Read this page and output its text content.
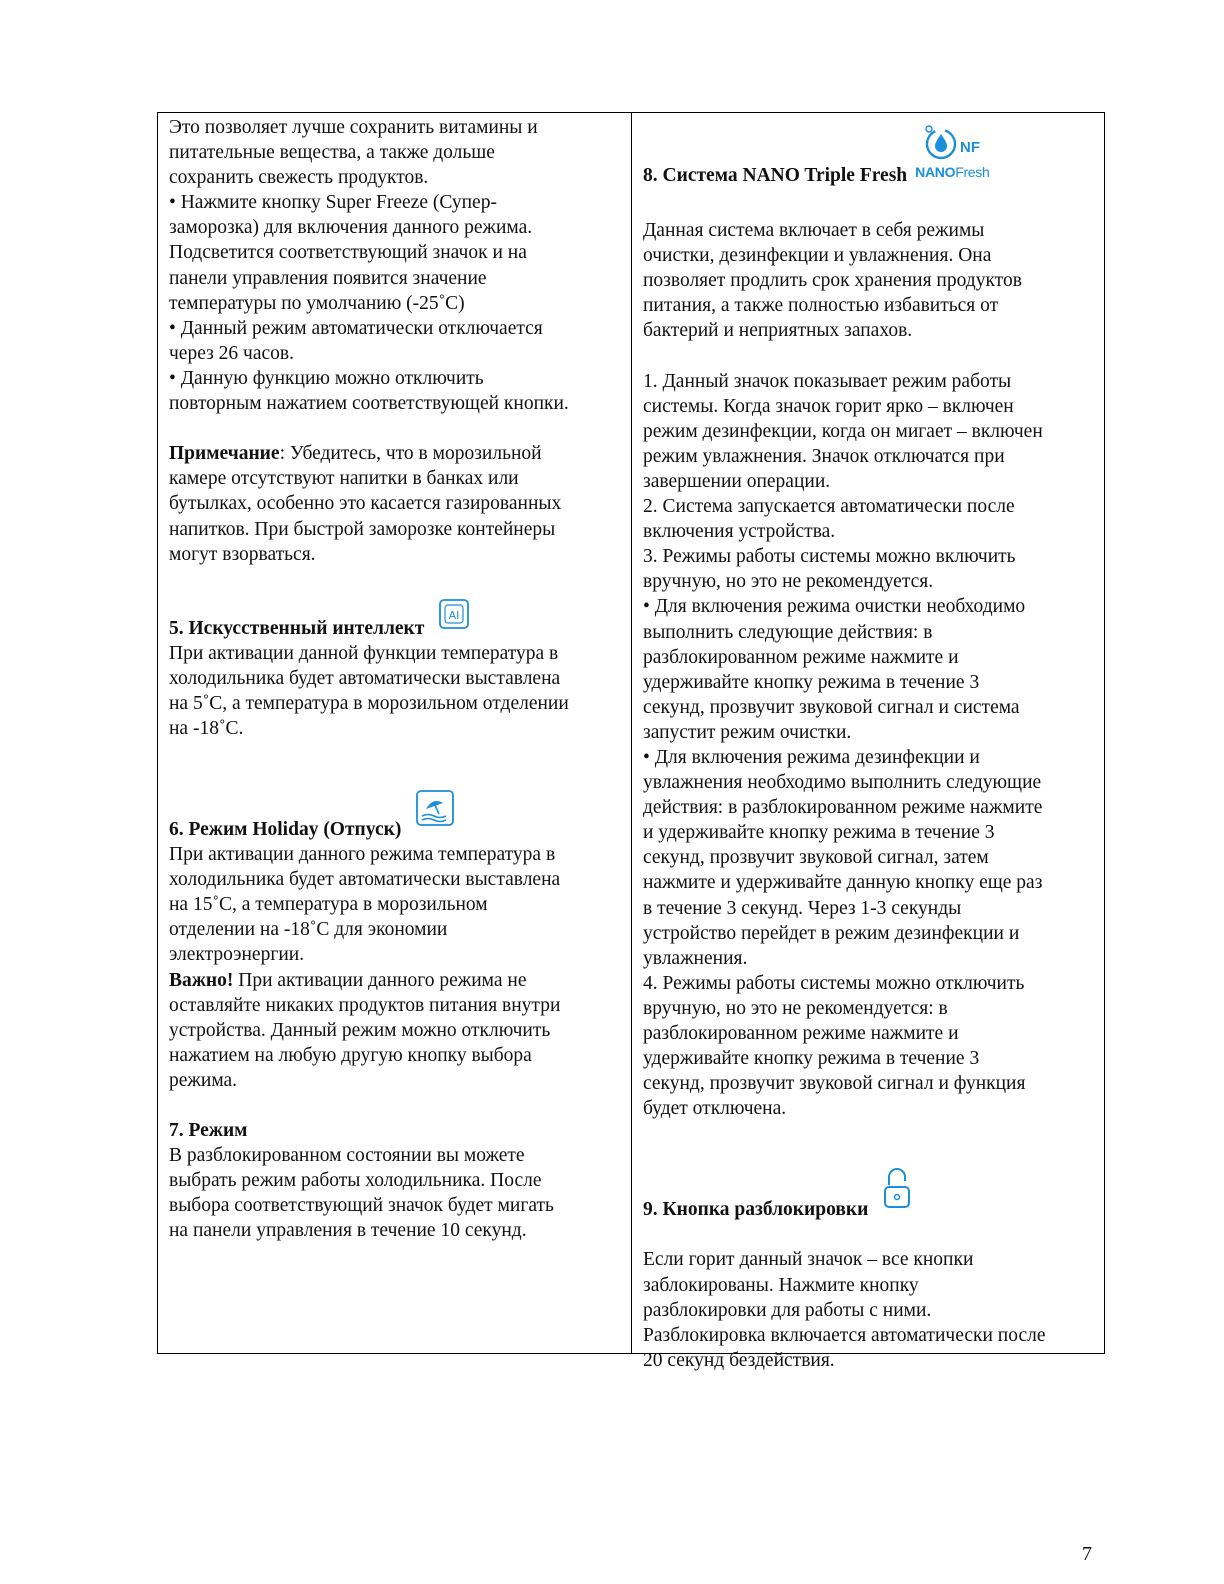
Это позволяет лучше сохранить витамины и

питательные вещества, а также дольше

сохранить свежесть продуктов.

• Нажмите кнопку Super Freeze (Супер-

заморозка) для включения данного режима.

Подсветится соответствующий значок и на

панели управления появится значение

температуры по умолчанию (-25˚C)

• Данный режим автоматически отключается

через 26 часов.

• Данную функцию можно отключить

повторным нажатием соответствующей кнопки.

Примечание: Убедитесь, что в морозильной

камере отсутствуют напитки в банках или

бутылках, особенно это касается газированных

напитков. При быстрой заморозке контейнеры

могут взорваться.

5. Искусственный интеллект

AI

При активации данной функции температура в

холодильника будет автоматически выставлена

на 5˚C, а температура в морозильном отделении

на -18˚C.

6. Режим Holiday (Отпуск)

При активации данного режима температура в

холодильника будет автоматически выставлена

на 15˚C, а температура в морозильном

отделении на -18˚C для экономии

электроэнергии.

Важно! При активации данного режима не

оставляйте никаких продуктов питания внутри

устройства. Данный режим можно отключить

нажатием на любую другую кнопку выбора

режима.

7. Режим

В разблокированном состоянии вы можете

выбрать режим работы холодильника. После

выбора соответствующий значок будет мигать

на панели управления в течение 10 секунд.

8. Система NANO Triple Fresh

NF
NANOFresh

Данная система включает в себя режимы

очистки, дезинфекции и увлажнения. Она

позволяет продлить срок хранения продуктов

питания, а также полностью избавиться от

бактерий и неприятных запахов.

1. Данный значок показывает режим работы

системы. Когда значок горит ярко – включен

режим дезинфекции, когда он мигает – включен

режим увлажнения. Значок отключатся при

завершении операции.

2. Система запускается автоматически после

включения устройства.

3. Режимы работы системы можно включить

вручную, но это не рекомендуется.

• Для включения режима очистки необходимо

выполнить следующие действия: в

разблокированном режиме нажмите и

удерживайте кнопку режима в течение 3

секунд, прозвучит звуковой сигнал и система

запустит режим очистки.

• Для включения режима дезинфекции и

увлажнения необходимо выполнить следующие

действия: в разблокированном режиме нажмите

и удерживайте кнопку режима в течение 3

секунд, прозвучит звуковой сигнал, затем

нажмите и удерживайте данную кнопку еще раз

в течение 3 секунд. Через 1-3 секунды

устройство перейдет в режим дезинфекции и

увлажнения.

4. Режимы работы системы можно отключить

вручную, но это не рекомендуется: в

разблокированном режиме нажмите и

удерживайте кнопку режима в течение 3

секунд, прозвучит звуковой сигнал и функция

будет отключена.

9. Кнопка разблокировки

Если горит данный значок – все кнопки

заблокированы. Нажмите кнопку

разблокировки для работы с ними.

Разблокировка включается автоматически после

20 секунд бездействия.

7
